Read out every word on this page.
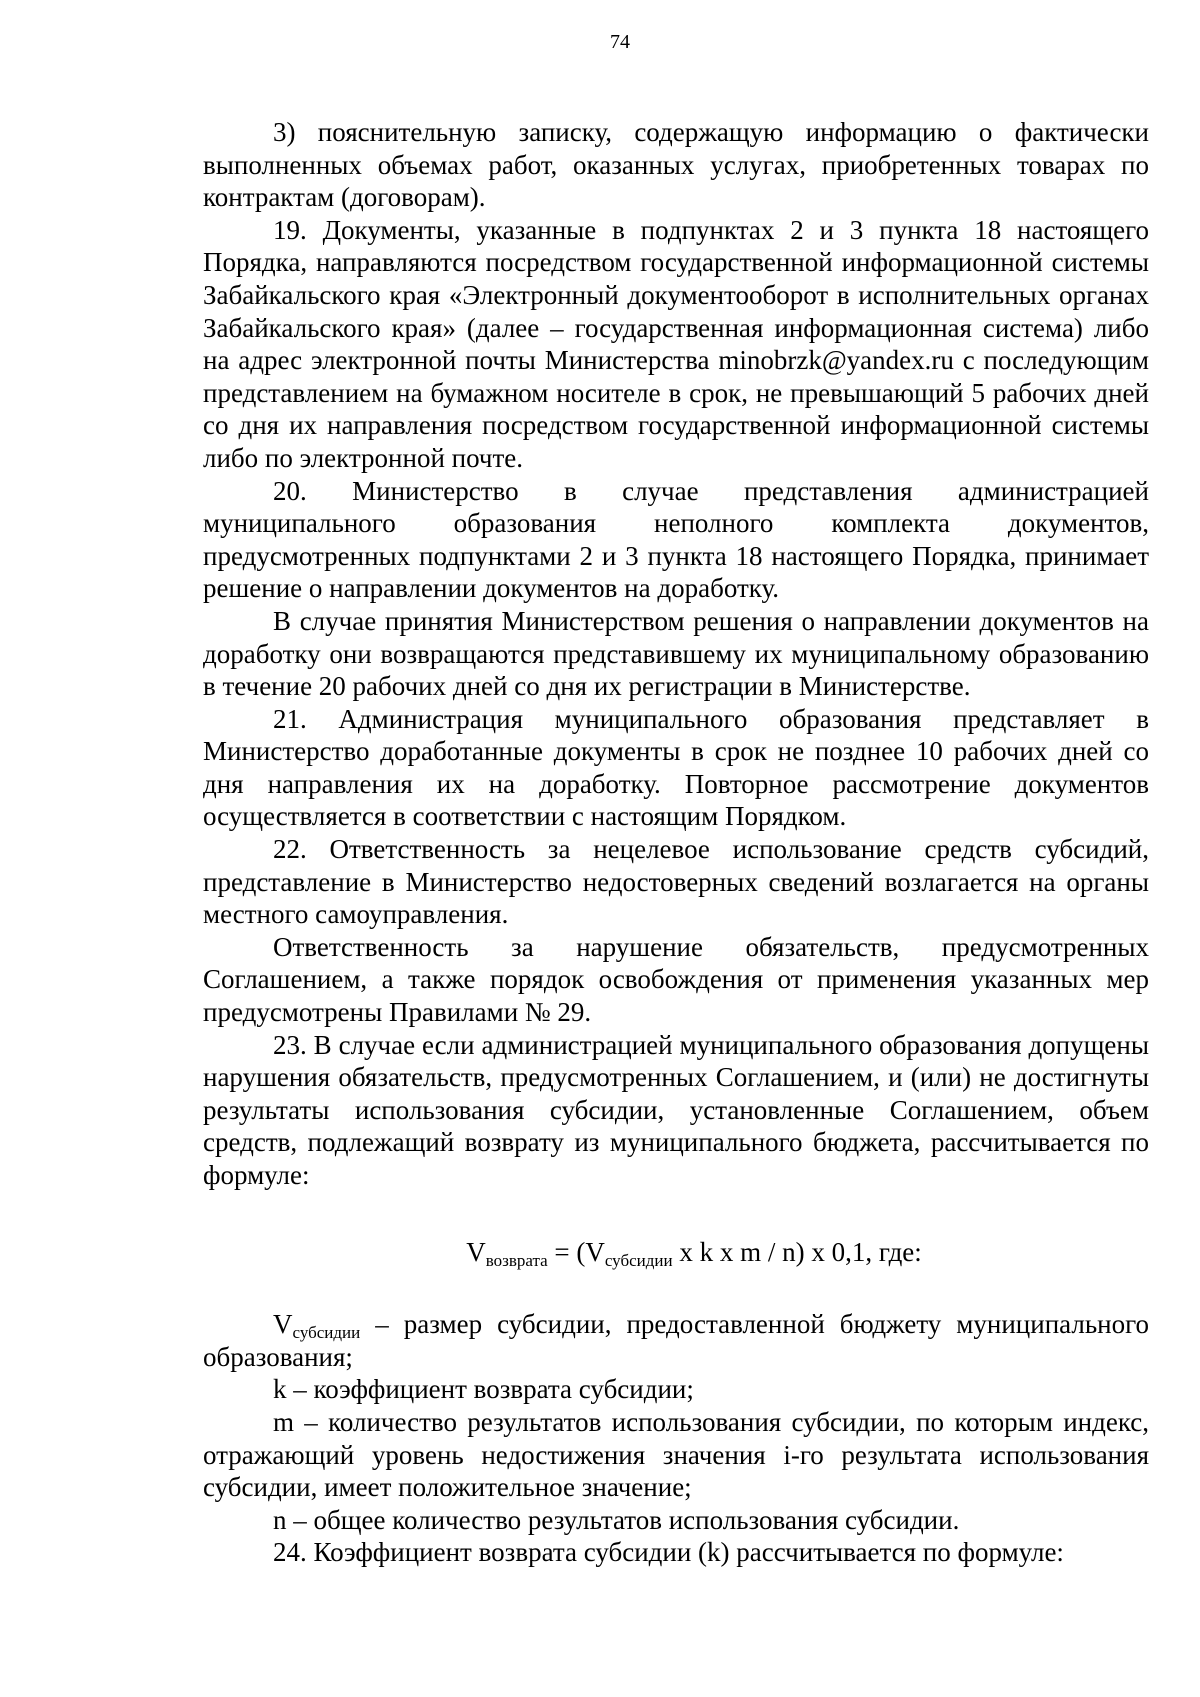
74

3) пояснительную записку, содержащую информацию о фактически выполненных объемах работ, оказанных услугах, приобретенных товарах по контрактам (договорам).

19. Документы, указанные в подпунктах 2 и 3 пункта 18 настоящего Порядка, направляются посредством государственной информационной системы Забайкальского края «Электронный документооборот в исполнительных органах Забайкальского края» (далее – государственная информационная система) либо на адрес электронной почты Министерства minobrzk@yandex.ru с последующим представлением на бумажном носителе в срок, не превышающий 5 рабочих дней со дня их направления посредством государственной информационной системы либо по электронной почте.

20. Министерство в случае представления администрацией муниципального образования неполного комплекта документов, предусмотренных подпунктами 2 и 3 пункта 18 настоящего Порядка, принимает решение о направлении документов на доработку.

В случае принятия Министерством решения о направлении документов на доработку они возвращаются представившему их муниципальному образованию в течение 20 рабочих дней со дня их регистрации в Министерстве.

21. Администрация муниципального образования представляет в Министерство доработанные документы в срок не позднее 10 рабочих дней со дня направления их на доработку. Повторное рассмотрение документов осуществляется в соответствии с настоящим Порядком.

22. Ответственность за нецелевое использование средств субсидий, представление в Министерство недостоверных сведений возлагается на органы местного самоуправления.

Ответственность за нарушение обязательств, предусмотренных Соглашением, а также порядок освобождения от применения указанных мер предусмотрены Правилами № 29.

23. В случае если администрацией муниципального образования допущены нарушения обязательств, предусмотренных Соглашением, и (или) не достигнуты результаты использования субсидии, установленные Соглашением, объем средств, подлежащий возврату из муниципального бюджета, рассчитывается по формуле:

$V_{возврата} = (V_{субсидии}$ x k x m / n) x 0,1, где:

$V_{субсидии}$ – размер субсидии, предоставленной бюджету муниципального образования;

k – коэффициент возврата субсидии;

m – количество результатов использования субсидии, по которым индекс, отражающий уровень недостижения значения i-го результата использования субсидии, имеет положительное значение;

n – общее количество результатов использования субсидии.

24. Коэффициент возврата субсидии (k) рассчитывается по формуле:
